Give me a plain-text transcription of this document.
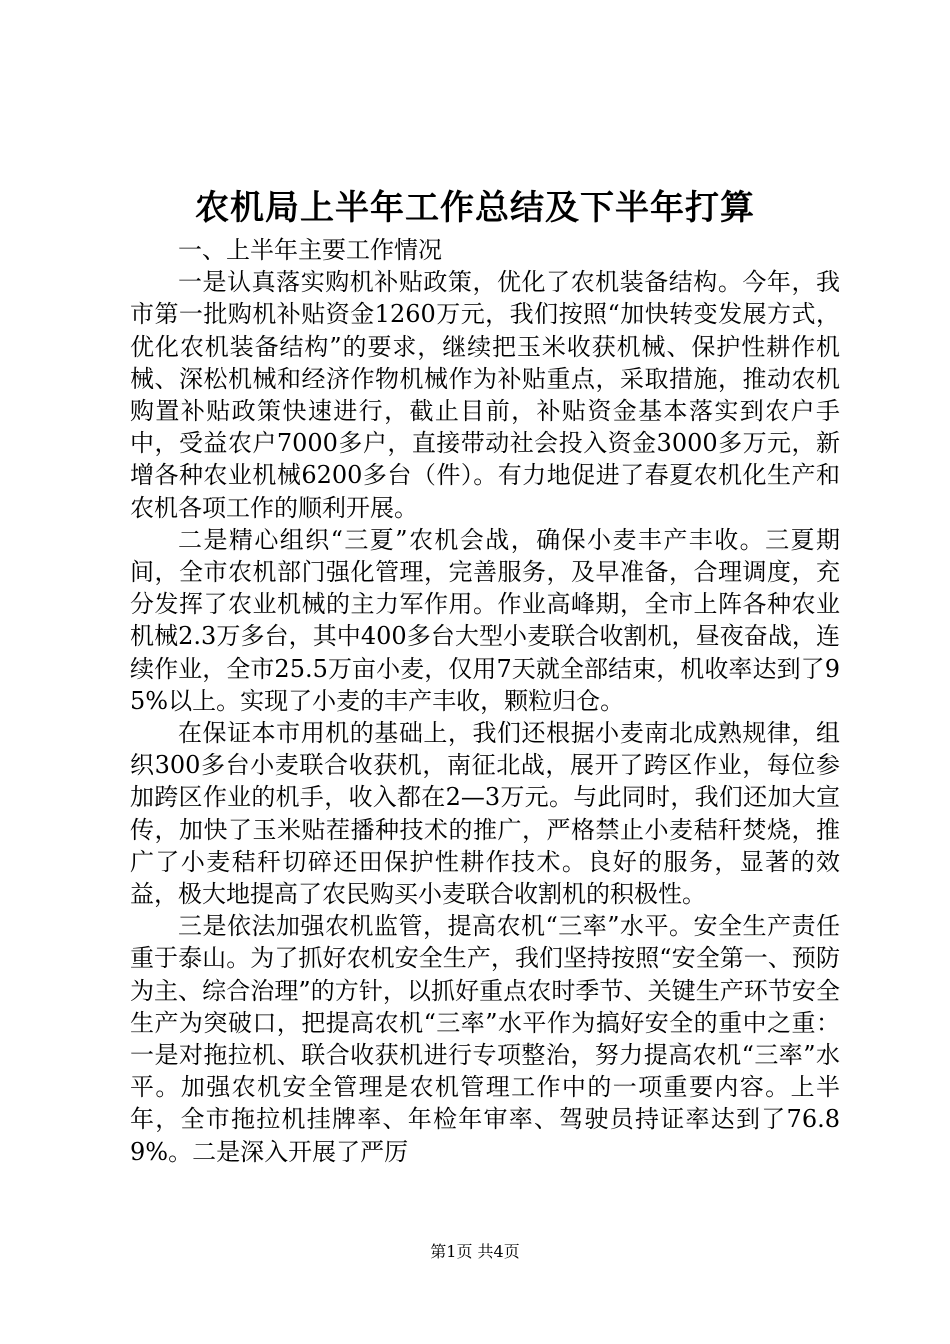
农机局上半年工作总结及下半年打算

一、上半年主要工作情况

一是认真落实购机补贴政策，优化了农机装备结构。今年，我市第一批购机补贴资金1260万元，我们按照“加快转变发展方式，优化农机装备结构”的要求，继续把玉米收获机械、保护性耕作机械、深松机械和经济作物机械作为补贴重点，采取措施，推动农机购置补贴政策快速进行，截止目前，补贴资金基本落实到农户手中，受益农户7000多户，直接带动社会投入资金3000多万元，新增各种农业机械6200多台（件）。有力地促进了春夏农机化生产和农机各项工作的顺利开展。

二是精心组织“三夏”农机会战，确保小麦丰产丰收。三夏期间，全市农机部门强化管理，完善服务，及早准备，合理调度，充分发挥了农业机械的主力军作用。作业高峰期，全市上阵各种农业机械2.3万多台，其中400多台大型小麦联合收割机，昼夜奋战，连续作业，全市25.5万亩小麦，仅用7天就全部结束，机收率达到了95%以上。实现了小麦的丰产丰收，颗粒归仓。

在保证本市用机的基础上，我们还根据小麦南北成熟规律，组织300多台小麦联合收获机，南征北战，展开了跨区作业，每位参加跨区作业的机手，收入都在2—3万元。与此同时，我们还加大宣传，加快了玉米贴茬播种技术的推广，严格禁止小麦秸秆焚烧，推广了小麦秸秆切碎还田保护性耕作技术。良好的服务，显著的效益，极大地提高了农民购买小麦联合收割机的积极性。

三是依法加强农机监管，提高农机“三率”水平。安全生产责任重于泰山。为了抓好农机安全生产，我们坚持按照“安全第一、预防为主、综合治理”的方针，以抓好重点农时季节、关键生产环节安全生产为突破口，把提高农机“三率”水平作为搞好安全的重中之重：一是对拖拉机、联合收获机进行专项整治，努力提高农机“三率”水平。加强农机安全管理是农机管理工作中的一项重要内容。上半年，全市拖拉机挂牌率、年检年审率、驾驶员持证率达到了76.89%。二是深入开展了严厉

第1页 共4页
